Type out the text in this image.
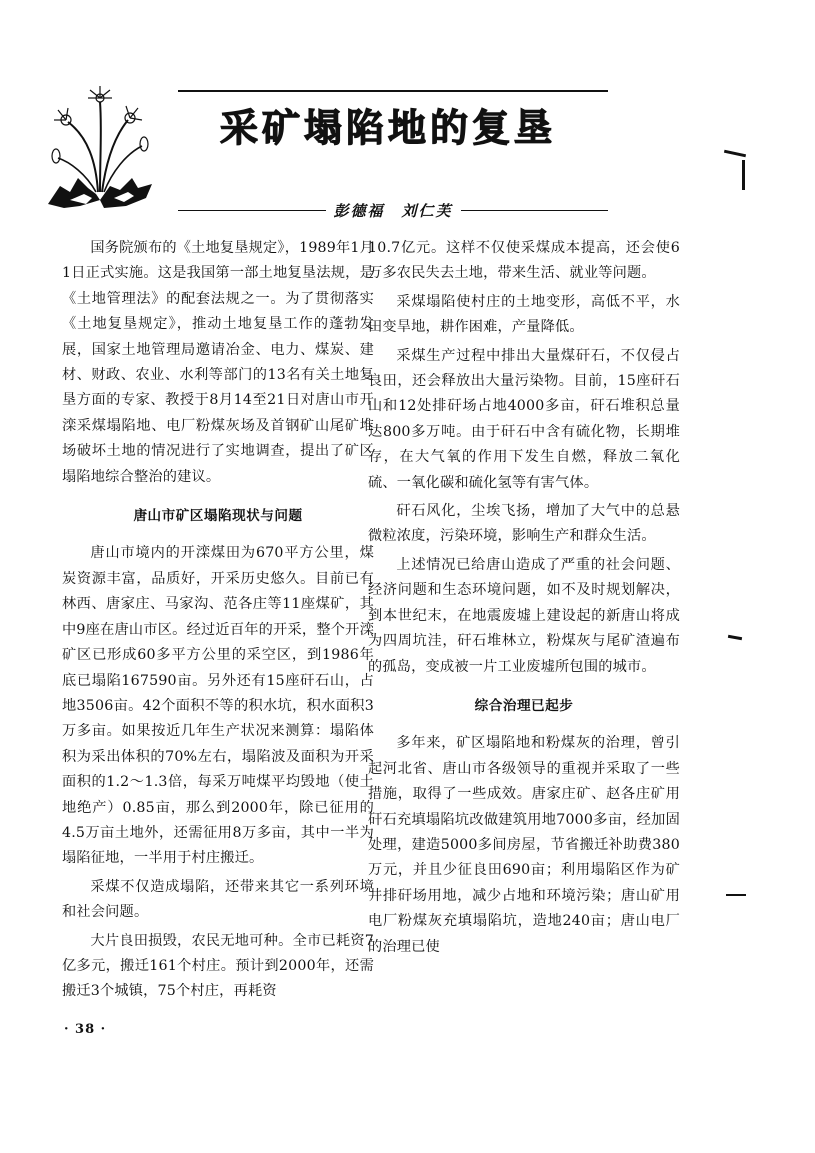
采矿塌陷地的复垦
彭德福　刘仁芙

国务院颁布的《土地复垦规定》，1989年1月1日正式实施。这是我国第一部土地复垦法规，是《土地管理法》的配套法规之一。为了贯彻落实《土地复垦规定》，推动土地复垦工作的蓬勃发展，国家土地管理局邀请冶金、电力、煤炭、建材、财政、农业、水利等部门的13名有关土地复垦方面的专家、教授于8月14至21日对唐山市开滦采煤塌陷地、电厂粉煤灰场及首钢矿山尾矿堆场破坏土地的情况进行了实地调查，提出了矿区塌陷地综合整治的建议。

唐山市矿区塌陷现状与问题

唐山市境内的开滦煤田为670平方公里，煤炭资源丰富，品质好，开采历史悠久。目前已有林西、唐家庄、马家沟、范各庄等11座煤矿，其中9座在唐山市区。经过近百年的开采，整个开滦矿区已形成60多平方公里的采空区，到1986年底已塌陷167590亩。另外还有15座矸石山，占地3506亩。42个面积不等的积水坑，积水面积3万多亩。如果按近几年生产状况来测算：塌陷体积为采出体积的70%左右，塌陷波及面积为开采面积的1.2～1.3倍，每采万吨煤平均毁地（使土地绝产）0.85亩，那么到2000年，除已征用的4.5万亩土地外，还需征用8万多亩，其中一半为塌陷征地，一半用于村庄搬迁。

采煤不仅造成塌陷，还带来其它一系列环境和社会问题。

大片良田损毁，农民无地可种。全市已耗资7亿多元，搬迁161个村庄。预计到2000年，还需搬迁3个城镇，75个村庄，再耗资

10.7亿元。这样不仅使采煤成本提高，还会使6万多农民失去土地，带来生活、就业等问题。

采煤塌陷使村庄的土地变形，高低不平，水田变旱地，耕作困难，产量降低。

采煤生产过程中排出大量煤矸石，不仅侵占良田，还会释放出大量污染物。目前，15座矸石山和12处排矸场占地4000多亩，矸石堆积总量达800多万吨。由于矸石中含有硫化物，长期堆存，在大气氧的作用下发生自燃，释放二氧化硫、一氧化碳和硫化氢等有害气体。

矸石风化，尘埃飞扬，增加了大气中的总悬微粒浓度，污染环境，影响生产和群众生活。

上述情况已给唐山造成了严重的社会问题、经济问题和生态环境问题，如不及时规划解决，到本世纪末，在地震废墟上建设起的新唐山将成为四周坑洼，矸石堆林立，粉煤灰与尾矿渣遍布的孤岛，变成被一片工业废墟所包围的城市。

综合治理已起步

多年来，矿区塌陷地和粉煤灰的治理，曾引起河北省、唐山市各级领导的重视并采取了一些措施，取得了一些成效。唐家庄矿、赵各庄矿用矸石充填塌陷坑改做建筑用地7000多亩，经加固处理，建造5000多间房屋，节省搬迁补助费380万元，并且少征良田690亩；利用塌陷区作为矿井排矸场用地，减少占地和环境污染；唐山矿用电厂粉煤灰充填塌陷坑，造地240亩；唐山电厂的治理已使

· 38 ·
